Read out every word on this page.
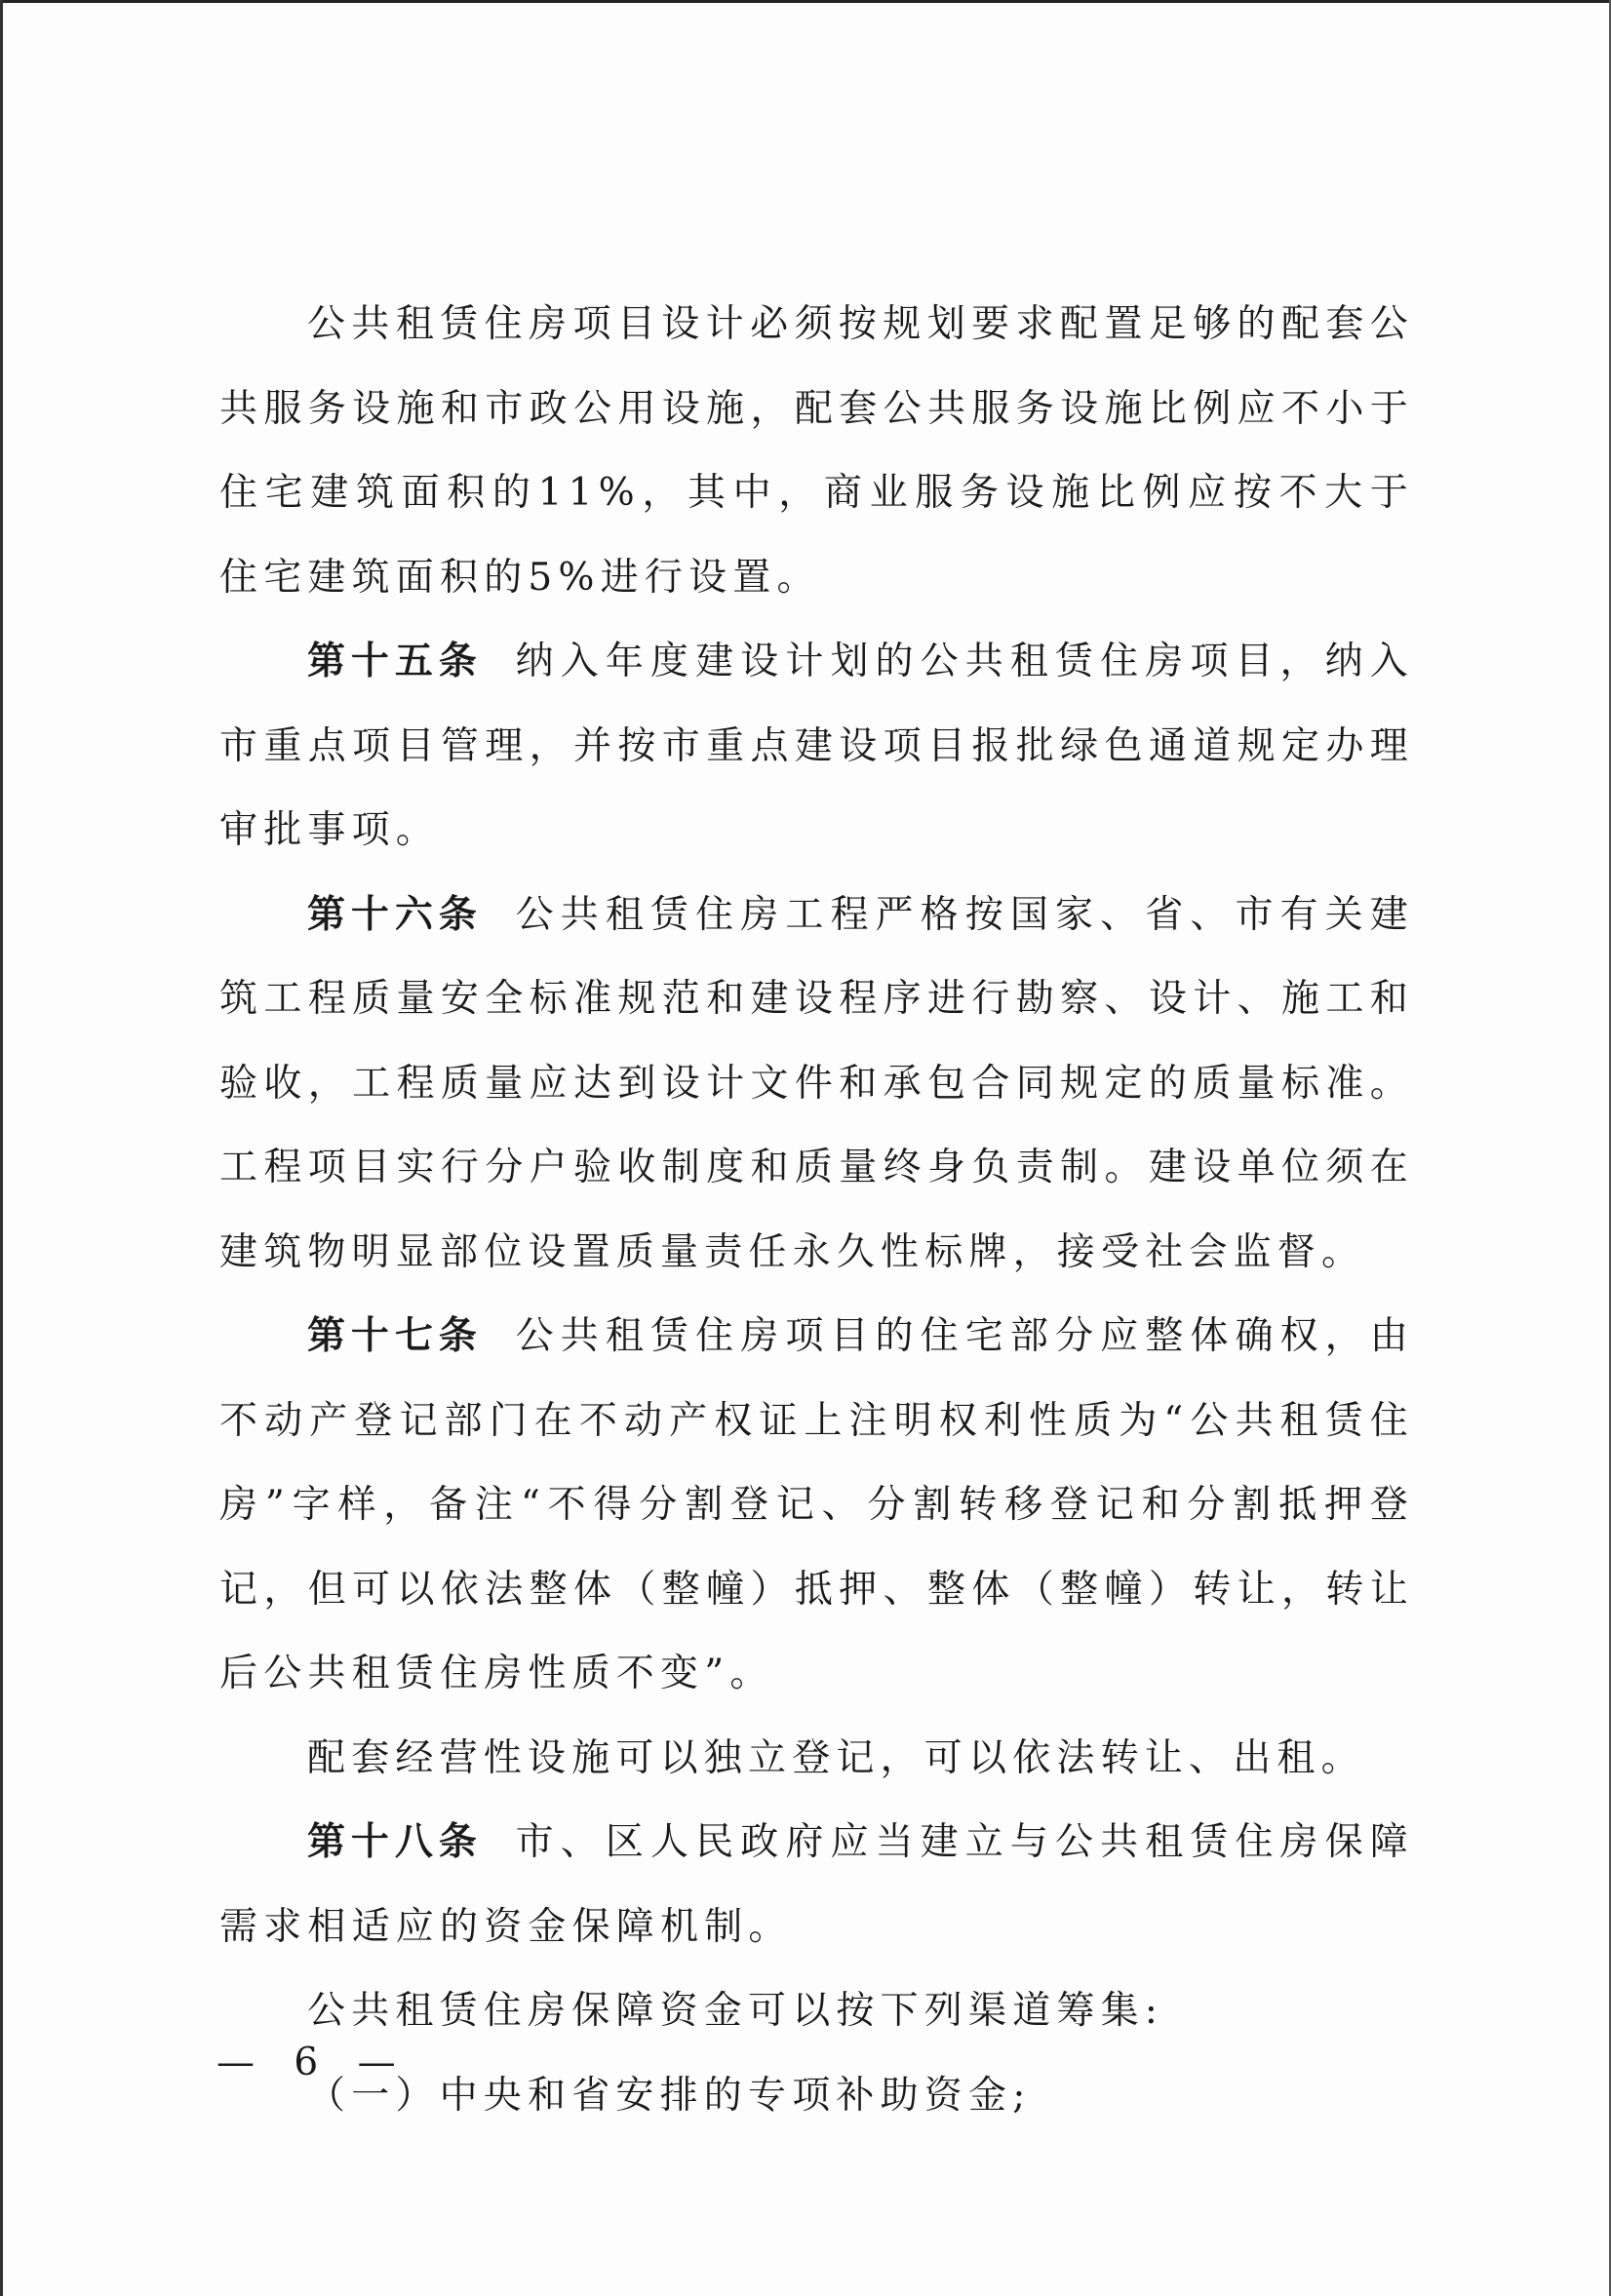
公共租赁住房项目设计必须按规划要求配置足够的配套公共服务设施和市政公用设施，配套公共服务设施比例应不小于住宅建筑面积的11%，其中，商业服务设施比例应按不大于住宅建筑面积的5%进行设置。

第十五条 纳入年度建设计划的公共租赁住房项目，纳入市重点项目管理，并按市重点建设项目报批绿色通道规定办理审批事项。

第十六条 公共租赁住房工程严格按国家、省、市有关建筑工程质量安全标准规范和建设程序进行勘察、设计、施工和验收，工程质量应达到设计文件和承包合同规定的质量标准。工程项目实行分户验收制度和质量终身负责制。建设单位须在建筑物明显部位设置质量责任永久性标牌，接受社会监督。

第十七条 公共租赁住房项目的住宅部分应整体确权，由不动产登记部门在不动产权证上注明权利性质为“公共租赁住房”字样，备注“不得分割登记、分割转移登记和分割抵押登记，但可以依法整体（整幢）抵押、整体（整幢）转让，转让后公共租赁住房性质不变”。

配套经营性设施可以独立登记，可以依法转让、出租。

第十八条 市、区人民政府应当建立与公共租赁住房保障需求相适应的资金保障机制。

公共租赁住房保障资金可以按下列渠道筹集:

（一）中央和省安排的专项补助资金;

— 6 —
